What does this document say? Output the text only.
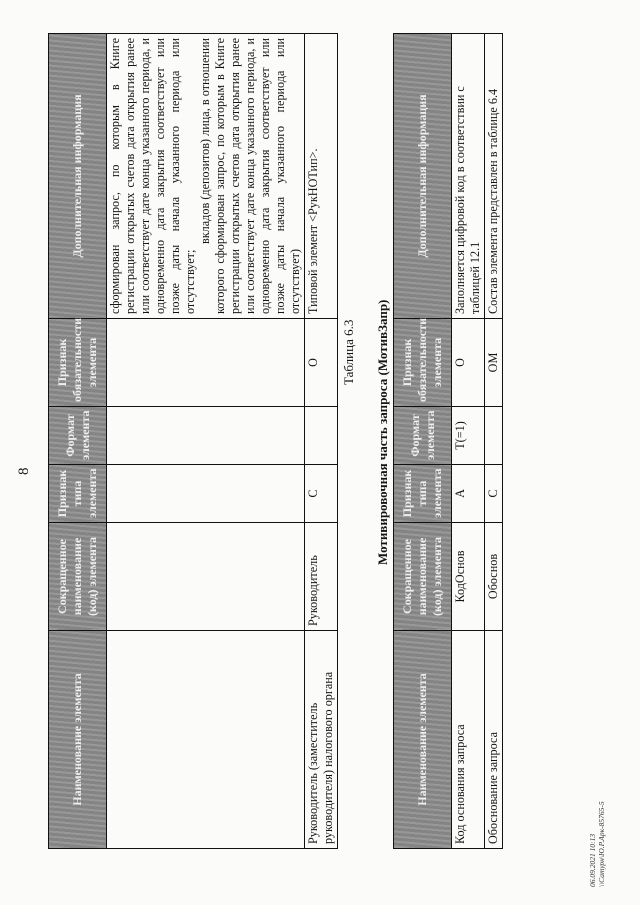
8
Наименование элемента	Сокращенное наименование (код) элемента	Признак типа элемента	Формат элемента	Признак обязательности элемента	Дополнительная информация

					сформирован запрос, по которым в Книге регистрации открытых счетов дата открытия ранее или соответствует дате конца указанного периода, и одновременно дата закрытия соответствует или позже даты начала указанного периода или отсутствует;
вкладов (депозитов) лица, в отношении которого сформирован запрос, по которым в Книге регистрации открытых счетов дата открытия ранее или соответствует дате конца указанного периода, и одновременно дата закрытия соответствует или позже даты начала указанного периода или отсутствует)

Руководитель (заместитель руководителя) налогового органа	Руководитель	С		О	Типовой элемент <РукНОТип>.
Таблица 6.3 Мотивировочная часть запроса (МотивЗапр)
Наименование элемента	Сокращенное наименование (код) элемента	Признак типа элемента	Формат элемента	Признак обязательности элемента	Дополнительная информация
Код основания запроса	КодОснов	А	T(=1)	О	Заполняется цифровой код в соответствии с таблицей 12.1
Обоснование запроса	Обоснов	С		ОМ	Состав элемента представлен в таблице 6.4
06.09.2021 10:13 \\Сатурн\Ю.Р.Арк-85765-5
